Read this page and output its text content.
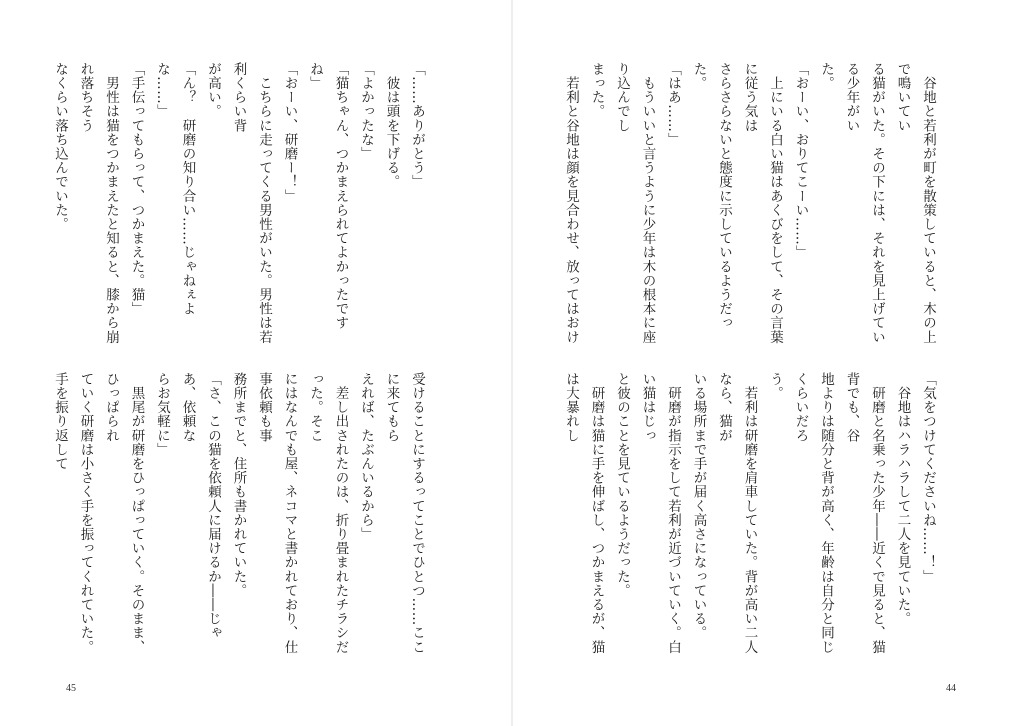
「……ありがとう」
　彼は頭を下げる。
「よかったな」
「猫ちゃん、つかまえられてよかったですね」
「おーい、研磨ー！」
　こちらに走ってくる男性がいた。男性は若利くらい背
が高い。
「ん？　研磨の知り合い……じゃねぇよな……」
「手伝ってもらって、つかまえた。猫」
　男性は猫をつかまえたと知ると、膝から崩れ落ちそう
なくらい落ち込んでいた。
受けることにするってことでひとつ……ここに来てもら
えれば、たぶんいるから」
　差し出されたのは、折り畳まれたチラシだった。そこ
にはなんでも屋、ネコマと書かれており、仕事依頼も事
務所までと、住所も書かれていた。
「さ、この猫を依頼人に届けるか――じゃあ、依頼な
らお気軽に」
　黒尾が研磨をひっぱっていく。そのまま、ひっぱられ
ていく研磨は小さく手を振ってくれていた。手を振り返して
45
　谷地と若利が町を散策していると、木の上で鳴いてい
る猫がいた。その下には、それを見上げている少年がい
た。
「おーい、おりてこーい……」
　上にいる白い猫はあくびをして、その言葉に従う気は
さらさらないと態度に示しているようだった。
「はあ……」
　もういいと言うように少年は木の根本に座り込んでし
まった。
　若利と谷地は顔を見合わせ、放ってはおけ
「気をつけてくださいね……！」
　谷地はハラハラして二人を見ていた。
　研磨と名乗った少年――近くで見ると、猫背でも、谷
地よりは随分と背が高く、年齢は自分と同じくらいだろ
う。
　若利は研磨を肩車していた。背が高い二人なら、猫が
いる場所まで手が届く高さになっている。
　研磨が指示をして若利が近づいていく。白い猫はじっ
と彼のことを見ているようだった。
　研磨は猫に手を伸ばし、つかまえるが、猫は大暴れし
44
